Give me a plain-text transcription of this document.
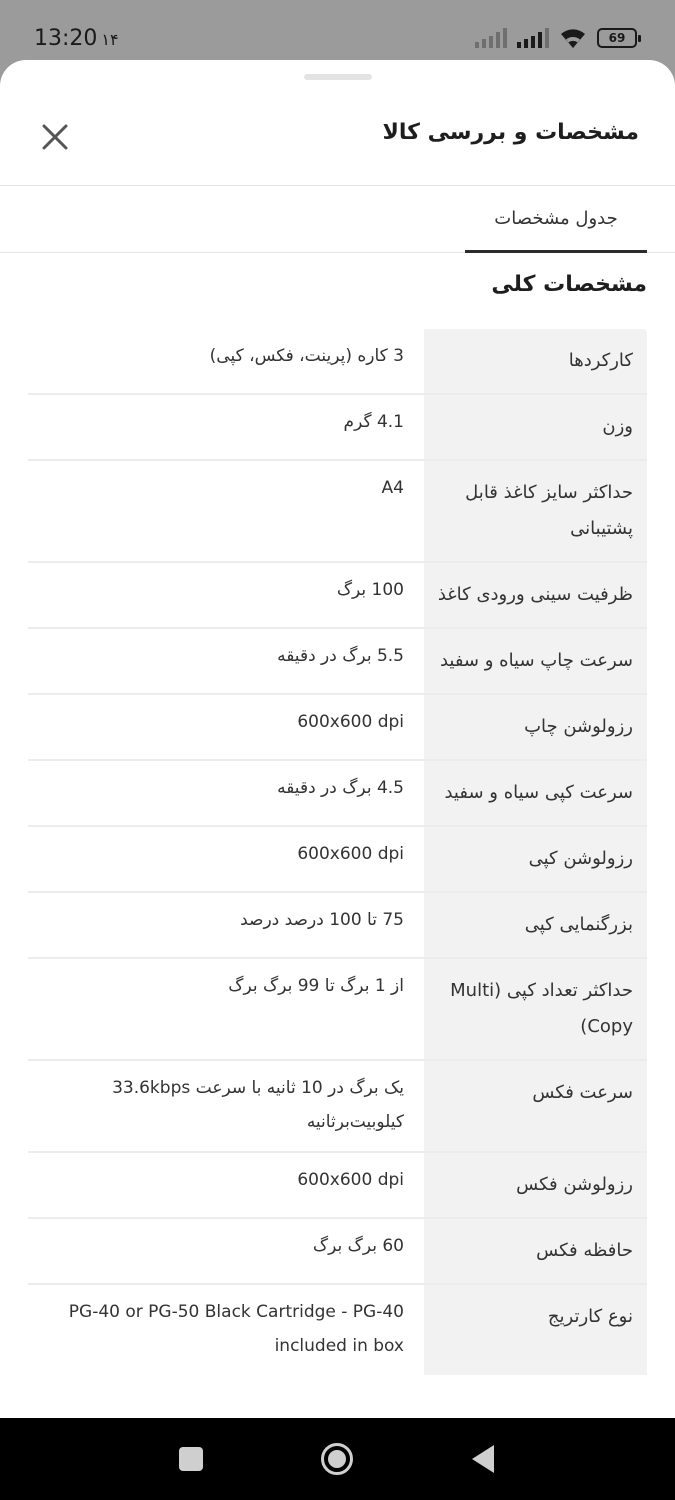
13:20 ۱۴	69
مشخصات و بررسی کالا
جدول مشخصات
مشخصات کلی
کارکردها
3 کاره (پرینت، فکس، کپی)
وزن
4.1 گرم
حداکثر سایز کاغذ قابل پشتیبانی
A4
ظرفیت سینی ورودی کاغذ
100 برگ
سرعت چاپ سیاه و سفید
5.5 برگ در دقیقه
رزولوشن چاپ
600x600 dpi
سرعت کپی سیاه و سفید
4.5 برگ در دقیقه
رزولوشن کپی
600x600 dpi
بزرگنمایی کپی
75 تا 100 درصد درصد
حداکثر تعداد کپی (Multi Copy)
از 1 برگ تا 99 برگ برگ
سرعت فکس
یک برگ در 10 ثانیه با سرعت 33.6kbps کیلوبیت‌برثانیه
رزولوشن فکس
600x600 dpi
حافظه فکس
60 برگ برگ
نوع کارتریج
PG-40 or PG-50 Black Cartridge - PG-40 included in box
